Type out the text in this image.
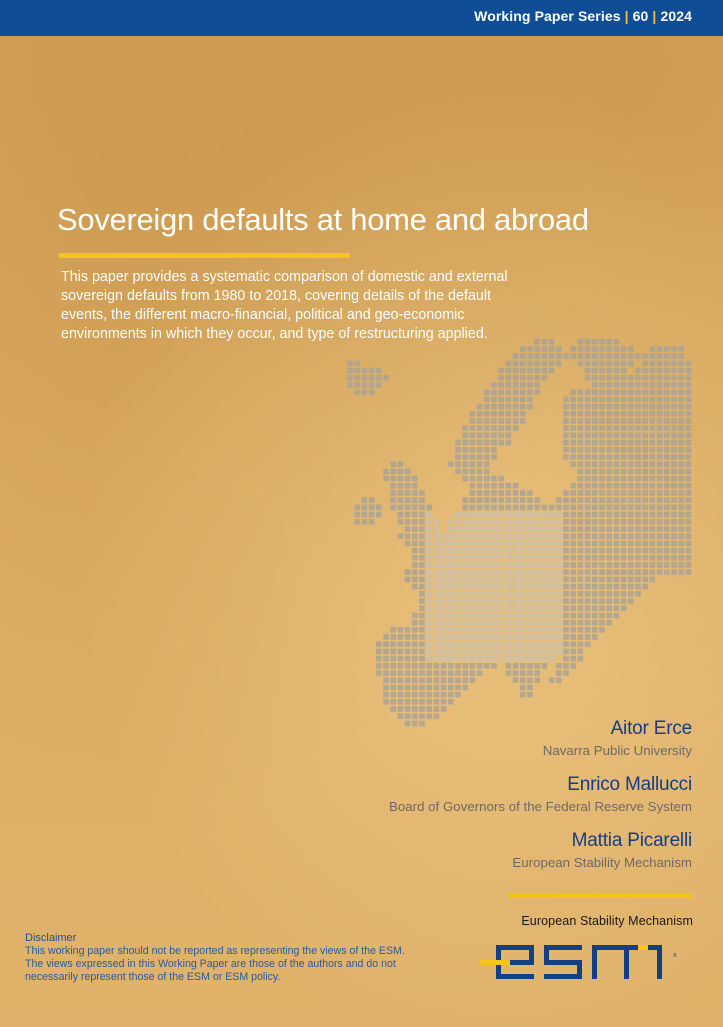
Working Paper Series | 60 | 2024
Sovereign defaults at home and abroad

This paper provides a systematic comparison of domestic and external sovereign defaults from 1980 to 2018, covering details of the default events, the different macro-financial, political and geo-economic environments in which they occur, and type of restructuring applied.

Aitor Erce
Navarra Public University
Enrico Mallucci
Board of Governors of the Federal Reserve System
Mattia Picarelli
European Stability Mechanism
Disclaimer
This working paper should not be reported as representing the views of the ESM. The views expressed in this Working Paper are those of the authors and do not necessarily represent those of the ESM or ESM policy.
European Stability Mechanism
®
